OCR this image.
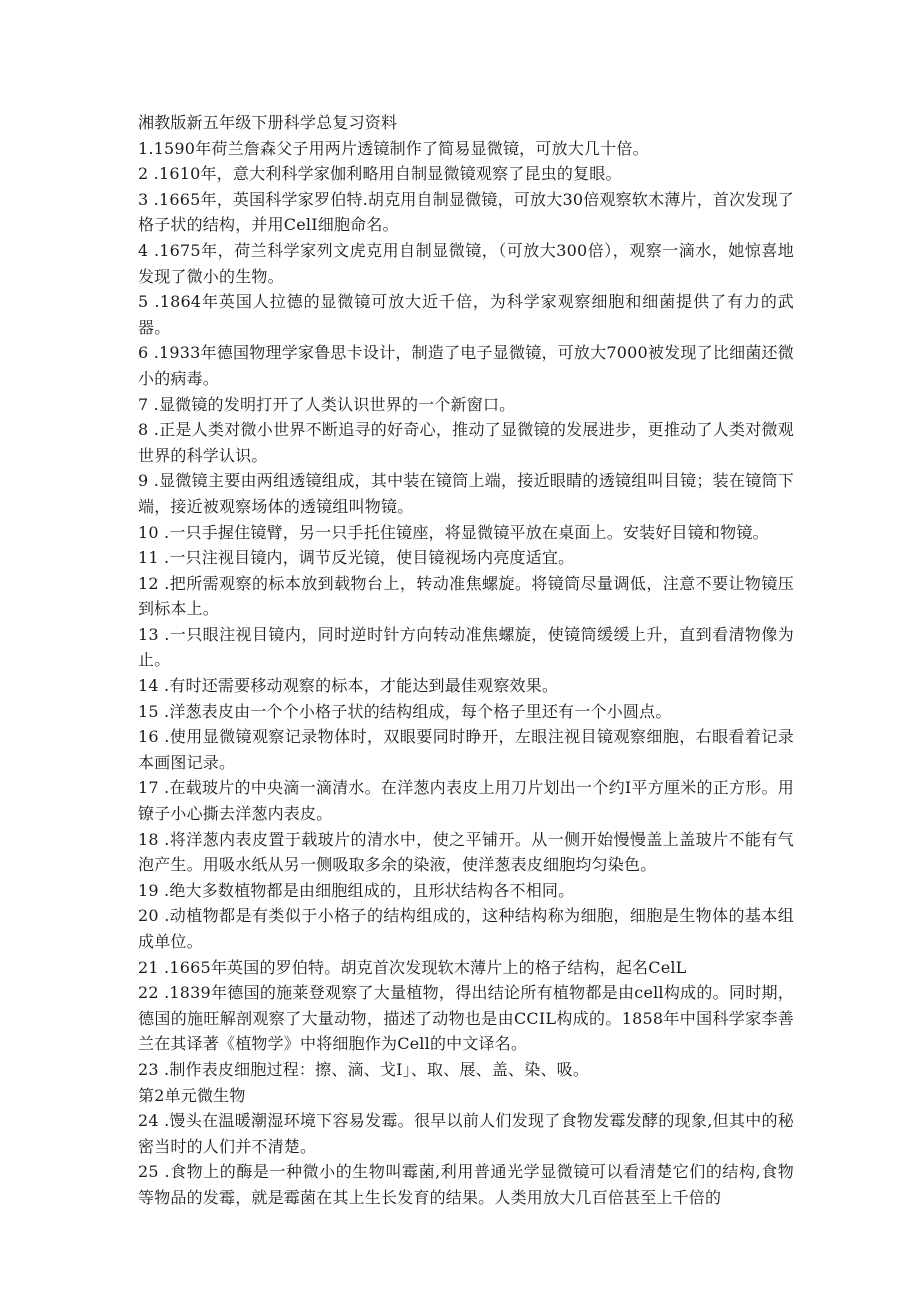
湘教版新五年级下册科学总复习资料

1.1590年荷兰詹森父子用两片透镜制作了简易显微镜，可放大几十倍。

2 .1610年，意大利科学家伽利略用自制显微镜观察了昆虫的复眼。

3 .1665年，英国科学家罗伯特.胡克用自制显微镜，可放大30倍观察软木薄片，首次发现了格子状的结构，并用CelI细胞命名。

4 .1675年，荷兰科学家列文虎克用自制显微镜，（可放大300倍），观察一滴水，她惊喜地发现了微小的生物。

5 .1864年英国人拉德的显微镜可放大近千倍，为科学家观察细胞和细菌提供了有力的武器。

6 .1933年德国物理学家鲁思卡设计，制造了电子显微镜，可放大7000被发现了比细菌还微小的病毒。

7 .显微镜的发明打开了人类认识世界的一个新窗口。

8 .正是人类对微小世界不断追寻的好奇心，推动了显微镜的发展进步，更推动了人类对微观世界的科学认识。

9 .显微镜主要由两组透镜组成，其中装在镜筒上端，接近眼睛的透镜组叫目镜；装在镜筒下端，接近被观察场体的透镜组叫物镜。

10 .一只手握住镜臂，另一只手托住镜座，将显微镜平放在桌面上。安装好目镜和物镜。

11 .一只注视目镜内，调节反光镜，使目镜视场内亮度适宜。

12 .把所需观察的标本放到载物台上，转动准焦螺旋。将镜筒尽量调低，注意不要让物镜压到标本上。

13 .一只眼注视目镜内，同时逆时针方向转动准焦螺旋，使镜筒缓缓上升，直到看清物像为止。

14 .有时还需要移动观察的标本，才能达到最佳观察效果。

15 .洋葱表皮由一个个小格子状的结构组成，每个格子里还有一个小圆点。

16 .使用显微镜观察记录物体时，双眼要同时睁开，左眼注视目镜观察细胞，右眼看着记录本画图记录。

17 .在载玻片的中央滴一滴清水。在洋葱内表皮上用刀片划出一个约I平方厘米的正方形。用镣子小心撕去洋葱内表皮。

18 .将洋葱内表皮置于载玻片的清水中，使之平铺开。从一侧开始慢慢盖上盖玻片不能有气泡产生。用吸水纸从另一侧吸取多余的染液，使洋葱表皮细胞均匀染色。

19 .绝大多数植物都是由细胞组成的，且形状结构各不相同。

20 .动植物都是有类似于小格子的结构组成的，这种结构称为细胞，细胞是生物体的基本组成单位。

21 .1665年英国的罗伯特。胡克首次发现软木薄片上的格子结构，起名CelL

22 .1839年德国的施莱登观察了大量植物，得出结论所有植物都是由cell构成的。同时期，德国的施旺解剖观察了大量动物，描述了动物也是由CCIL构成的。1858年中国科学家李善兰在其译著《植物学》中将细胞作为Cell的中文译名。

23 .制作表皮细胞过程：擦、滴、戈I」、取、展、盖、染、吸。

第2单元微生物

24 .馒头在温暖潮湿环境下容易发霉。很早以前人们发现了食物发霉发酵的现象,但其中的秘密当时的人们并不清楚。

25 .食物上的酶是一种微小的生物叫霉菌,利用普通光学显微镜可以看清楚它们的结构,食物等物品的发霉，就是霉菌在其上生长发育的结果。人类用放大几百倍甚至上千倍的
